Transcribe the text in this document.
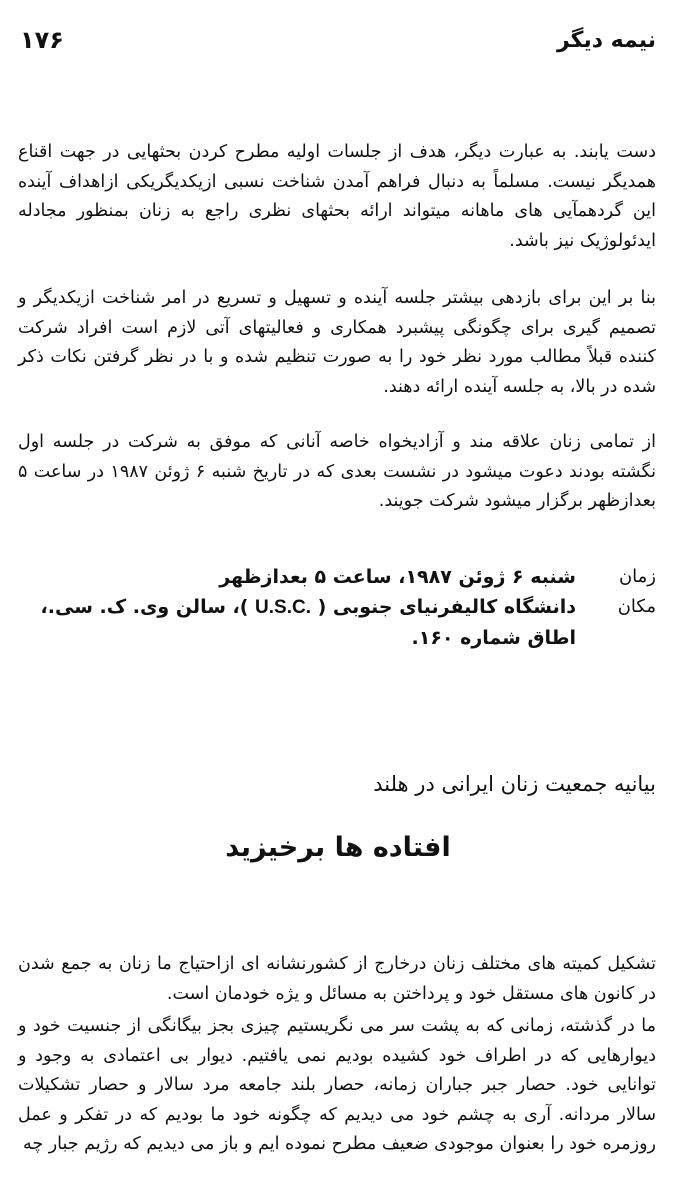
۱۷۶	نیمه دیگر

دست یابند. به عبارت دیگر، هدف از جلسات اولیه مطرح کردن بحثهایی در جهت اقناع همدیگر نیست. مسلماً به دنبال فراهم آمدن شناخت نسبی ازیکدیگریکی ازاهداف آینده این گردهمآیی های ماهانه میتواند ارائه بحثهای نظری راجع به زنان بمنظور مجادله ایدئولوژیک نیز باشد.

بنا بر این برای بازدهی بیشتر جلسه آینده و تسهیل و تسریع در امر شناخت ازیکدیگر و تصمیم گیری برای چگونگی پیشبرد همکاری و فعالیتهای آتی لازم است افراد شرکت کننده قبلاً مطالب مورد نظر خود را به صورت تنظیم شده و با در نظر گرفتن نکات ذکر شده در بالا، به جلسه آینده ارائه دهند.

از تمامی زنان علاقه مند و آزادیخواه خاصه آنانی که موفق به شرکت در جلسه اول نگشته بودند دعوت میشود در نشست بعدی که در تاریخ شنبه ۶ ژوئن ۱۹۸۷ در ساعت ۵ بعدازظهر برگزار میشود شرکت جویند.

زمان
شنبه ۶ ژوئن ۱۹۸۷، ساعت ۵ بعدازظهر
مکان
دانشگاه کالیفرنیای جنوبی ( U.S.C. )، سالن وی. ک. سی.،
اطاق شماره ۱۶۰.
بیانیه جمعیت زنان ایرانی در هلند
افتاده ها برخیزید

تشکیل کمیته های مختلف زنان درخارج از کشورنشانه ای ازاحتیاج ما زنان به جمع شدن در کانون های مستقل خود و پرداختن به مسائل و یژه خودمان است.

ما در گذشته، زمانی که به پشت سر می نگریستیم چیزی بجز بیگانگی از جنسیت خود و دیوارهایی که در اطراف خود کشیده بودیم نمی یافتیم. دیوار بی اعتمادی به وجود و توانایی خود. حصار جبر جباران زمانه، حصار بلند جامعه مرد سالار و حصار تشکیلات سالار مردانه. آری به چشم خود می دیدیم که چگونه خود ما بودیم که در تفکر و عمل روزمره خود را بعنوان موجودی ضعیف مطرح نموده ایم و باز می دیدیم که رژیم جبار چه
